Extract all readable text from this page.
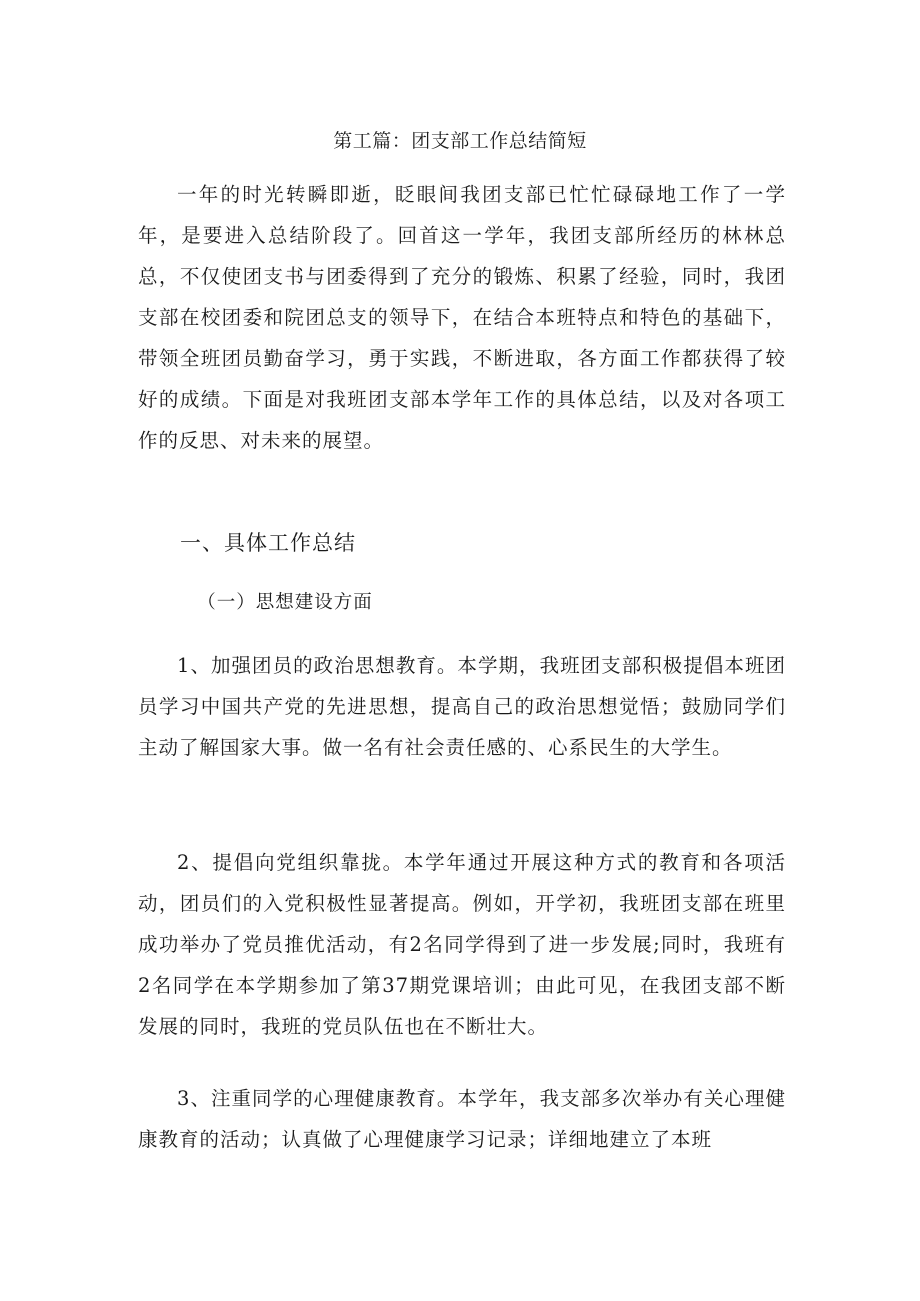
第工篇：团支部工作总结简短

一年的时光转瞬即逝，眨眼间我团支部已忙忙碌碌地工作了一学年，是要进入总结阶段了。回首这一学年，我团支部所经历的林林总总，不仅使团支书与团委得到了充分的锻炼、积累了经验，同时，我团支部在校团委和院团总支的领导下，在结合本班特点和特色的基础下，带领全班团员勤奋学习，勇于实践，不断进取，各方面工作都获得了较好的成绩。下面是对我班团支部本学年工作的具体总结，以及对各项工作的反思、对未来的展望。

一、具体工作总结

（一）思想建设方面

1、加强团员的政治思想教育。本学期，我班团支部积极提倡本班团员学习中国共产党的先进思想，提高自己的政治思想觉悟；鼓励同学们主动了解国家大事。做一名有社会责任感的、心系民生的大学生。

2、提倡向党组织靠拢。本学年通过开展这种方式的教育和各项活动，团员们的入党积极性显著提高。例如，开学初，我班团支部在班里成功举办了党员推优活动，有2名同学得到了进一步发展;同时，我班有2名同学在本学期参加了第37期党课培训；由此可见，在我团支部不断发展的同时，我班的党员队伍也在不断壮大。

3、注重同学的心理健康教育。本学年，我支部多次举办有关心理健康教育的活动；认真做了心理健康学习记录；详细地建立了本班
